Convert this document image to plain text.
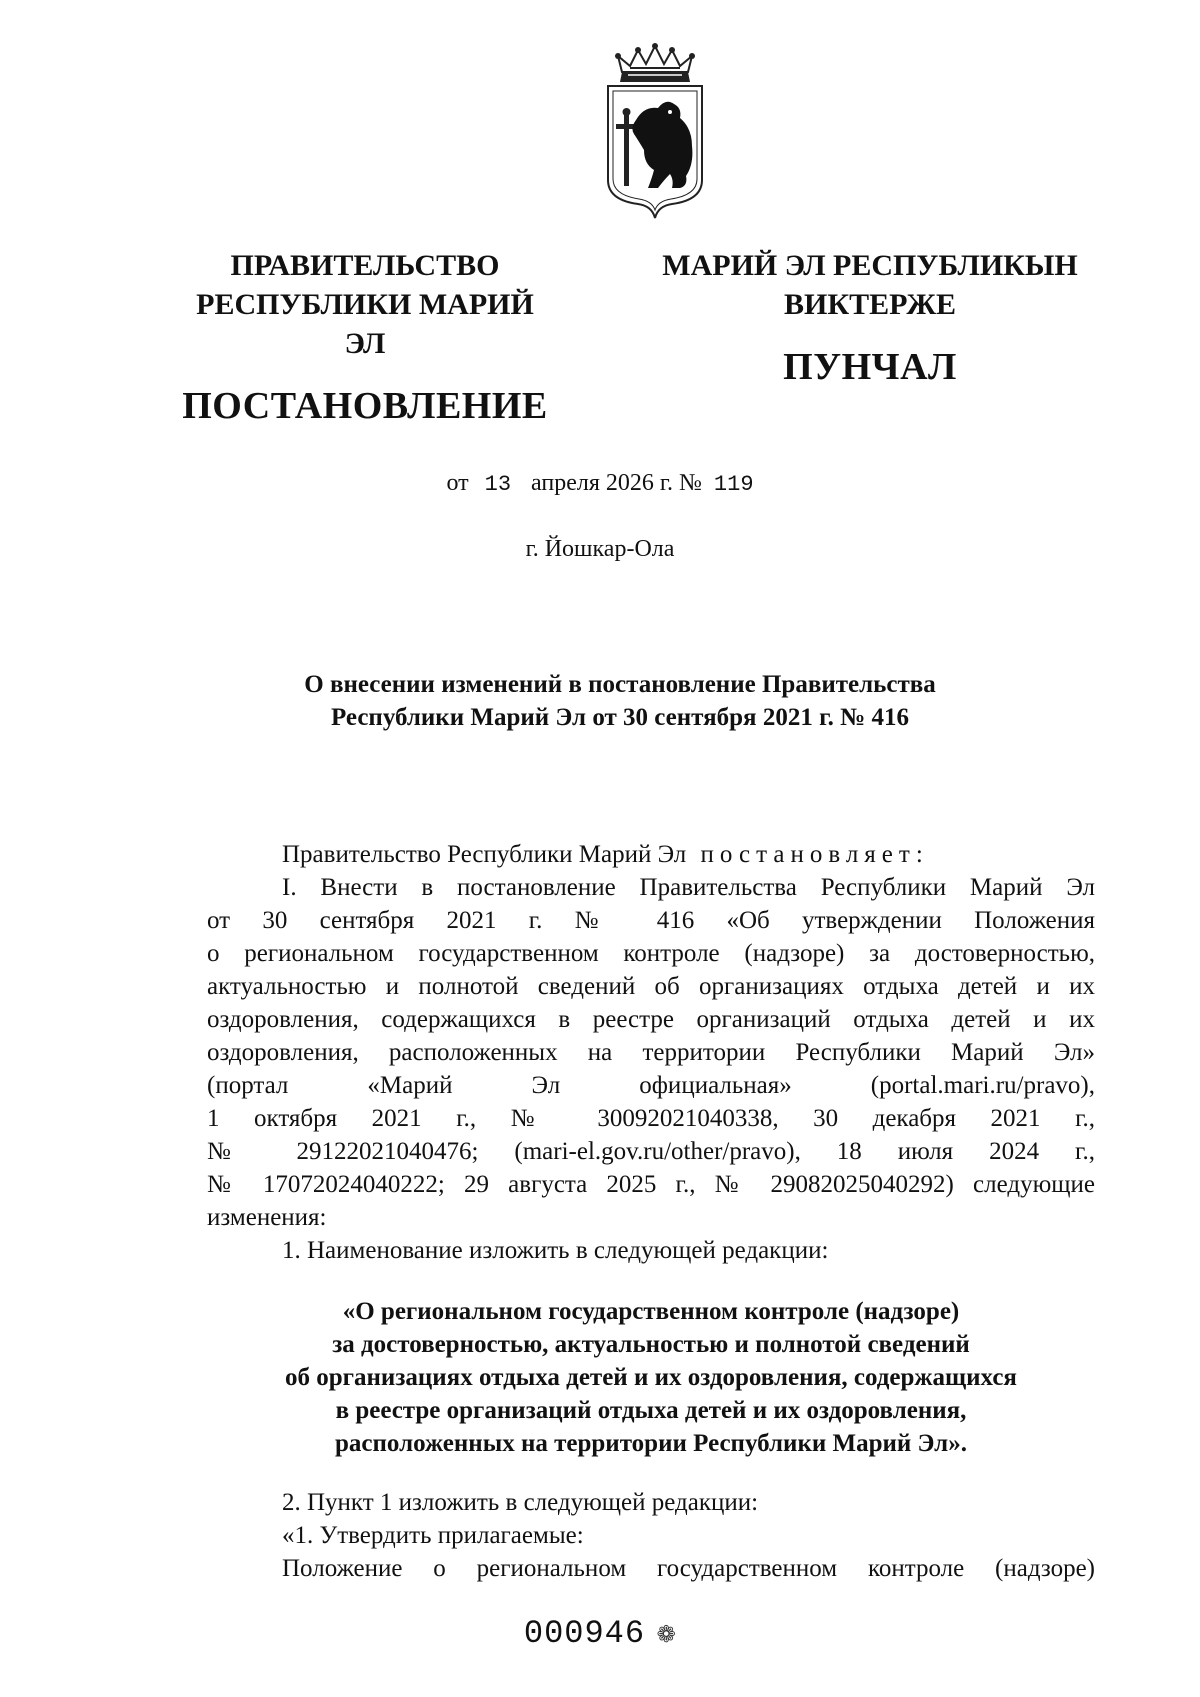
ПРАВИТЕЛЬСТВО
РЕСПУБЛИКИ МАРИЙ ЭЛ
ПОСТАНОВЛЕНИЕ
МАРИЙ ЭЛ РЕСПУБЛИКЫН
ВИКТЕРЖЕ
ПУНЧАЛ
от 13 апреля 2026 г. № 119
г. Йошкар-Ола
О внесении изменений в постановление Правительства
Республики Марий Эл от 30 сентября 2021 г. № 416
Правительство Республики Марий Эл постановляет:
I. Внести в постановление Правительства Республики Марий Эл
от 30 сентября 2021 г. № 416 «Об утверждении Положения
о региональном государственном контроле (надзоре) за достоверностью,
актуальностью и полнотой сведений об организациях отдыха детей и их
оздоровления, содержащихся в реестре организаций отдыха детей и их
оздоровления, расположенных на территории Республики Марий Эл»
(портал «Марий Эл официальная» (portal.mari.ru/pravo),
1 октября 2021 г., № 30092021040338, 30 декабря 2021 г.,
№ 29122021040476; (mari-el.gov.ru/other/pravo), 18 июля 2024 г.,
№ 17072024040222; 29 августа 2025 г., № 29082025040292) следующие
изменения:
1. Наименование изложить в следующей редакции:
«О региональном государственном контроле (надзоре)
за достоверностью, актуальностью и полнотой сведений
об организациях отдыха детей и их оздоровления, содержащихся
в реестре организаций отдыха детей и их оздоровления,
расположенных на территории Республики Марий Эл».
2. Пункт 1 изложить в следующей редакции:
«1. Утвердить прилагаемые:
Положение о региональном государственном контроле (надзоре)
000946 ❁
